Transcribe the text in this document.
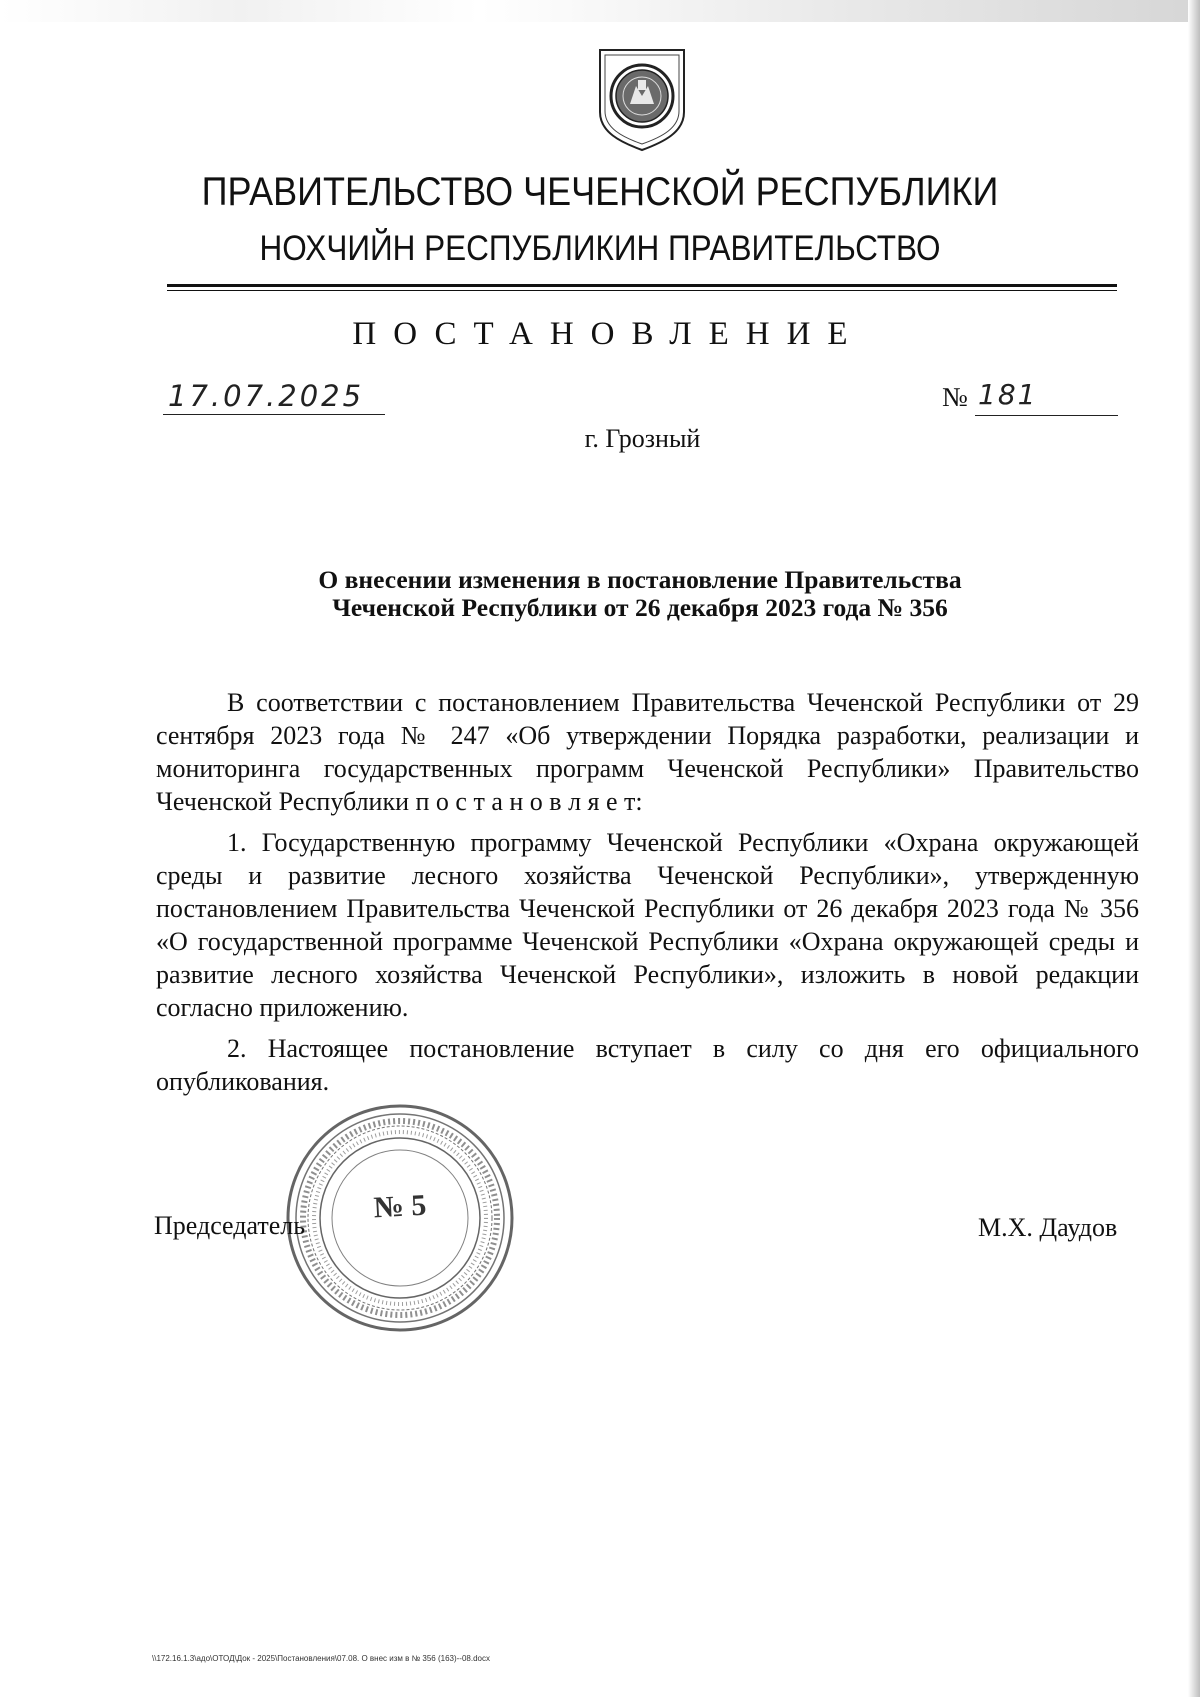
ПРАВИТЕЛЬСТВО ЧЕЧЕНСКОЙ РЕСПУБЛИКИ
НОХЧИЙН РЕСПУБЛИКИН ПРАВИТЕЛЬСТВО
ПОСТАНОВЛЕНИЕ
17.07.2025	№ 181
г. Грозный
О внесении изменения в постановление Правительства
Чеченской Республики от 26 декабря 2023 года № 356

В соответствии с постановлением Правительства Чеченской Республики от 29 сентября 2023 года № 247 «Об утверждении Порядка разработки, реализации и мониторинга государственных программ Чеченской Республики» Правительство Чеченской Республики п о с т а н о в л я е т:

1. Государственную программу Чеченской Республики «Охрана окружающей среды и развитие лесного хозяйства Чеченской Республики», утвержденную постановлением Правительства Чеченской Республики от 26 декабря 2023 года № 356 «О государственной программе Чеченской Республики «Охрана окружающей среды и развитие лесного хозяйства Чеченской Республики», изложить в новой редакции согласно приложению.

2. Настоящее постановление вступает в силу со дня его официального опубликования.

№ 5
Председатель	М.Х. Даудов
\\172.16.1.3\адо\ОТОД\Док - 2025\Постановления\07.08. О внес изм в № 356 (163)--08.docx
